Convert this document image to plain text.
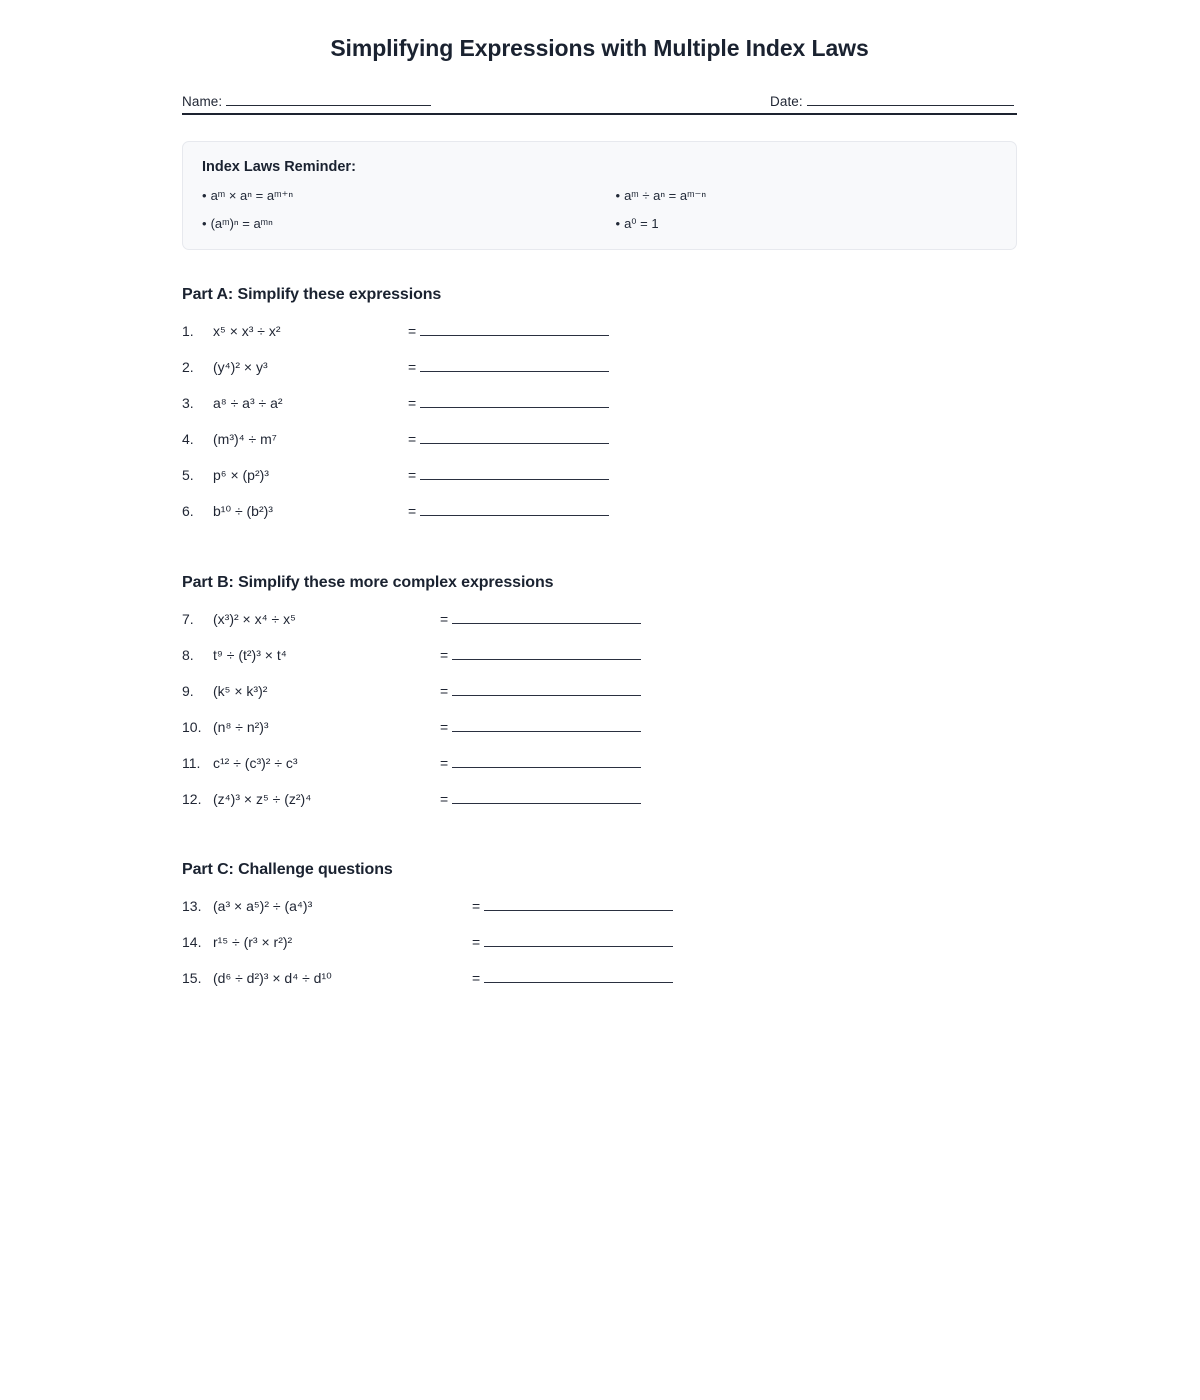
Simplifying Expressions with Multiple Index Laws
Name:	Date:
Index Laws Reminder:
• aᵐ × aⁿ = aᵐ⁺ⁿ
• (aᵐ)ⁿ = aᵐⁿ
• aᵐ ÷ aⁿ = aᵐ⁻ⁿ
• a⁰ = 1
Part A: Simplify these expressions
1.	x⁵ × x³ ÷ x²	=
2.	(y⁴)² × y³	=
3.	a⁸ ÷ a³ ÷ a²	=
4.	(m³)⁴ ÷ m⁷	=
5.	p⁶ × (p²)³	=
6.	b¹⁰ ÷ (b²)³	=
Part B: Simplify these more complex expressions
7.	(x³)² × x⁴ ÷ x⁵	=
8.	t⁹ ÷ (t²)³ × t⁴	=
9.	(k⁵ × k³)²	=
10. (n⁸ ÷ n²)³	=
11. c¹² ÷ (c³)² ÷ c³	=
12. (z⁴)³ × z⁵ ÷ (z²)⁴	=
Part C: Challenge questions
13. (a³ × a⁵)² ÷ (a⁴)³	=
14. r¹⁵ ÷ (r³ × r²)²	=
15. (d⁶ ÷ d²)³ × d⁴ ÷ d¹⁰	=
